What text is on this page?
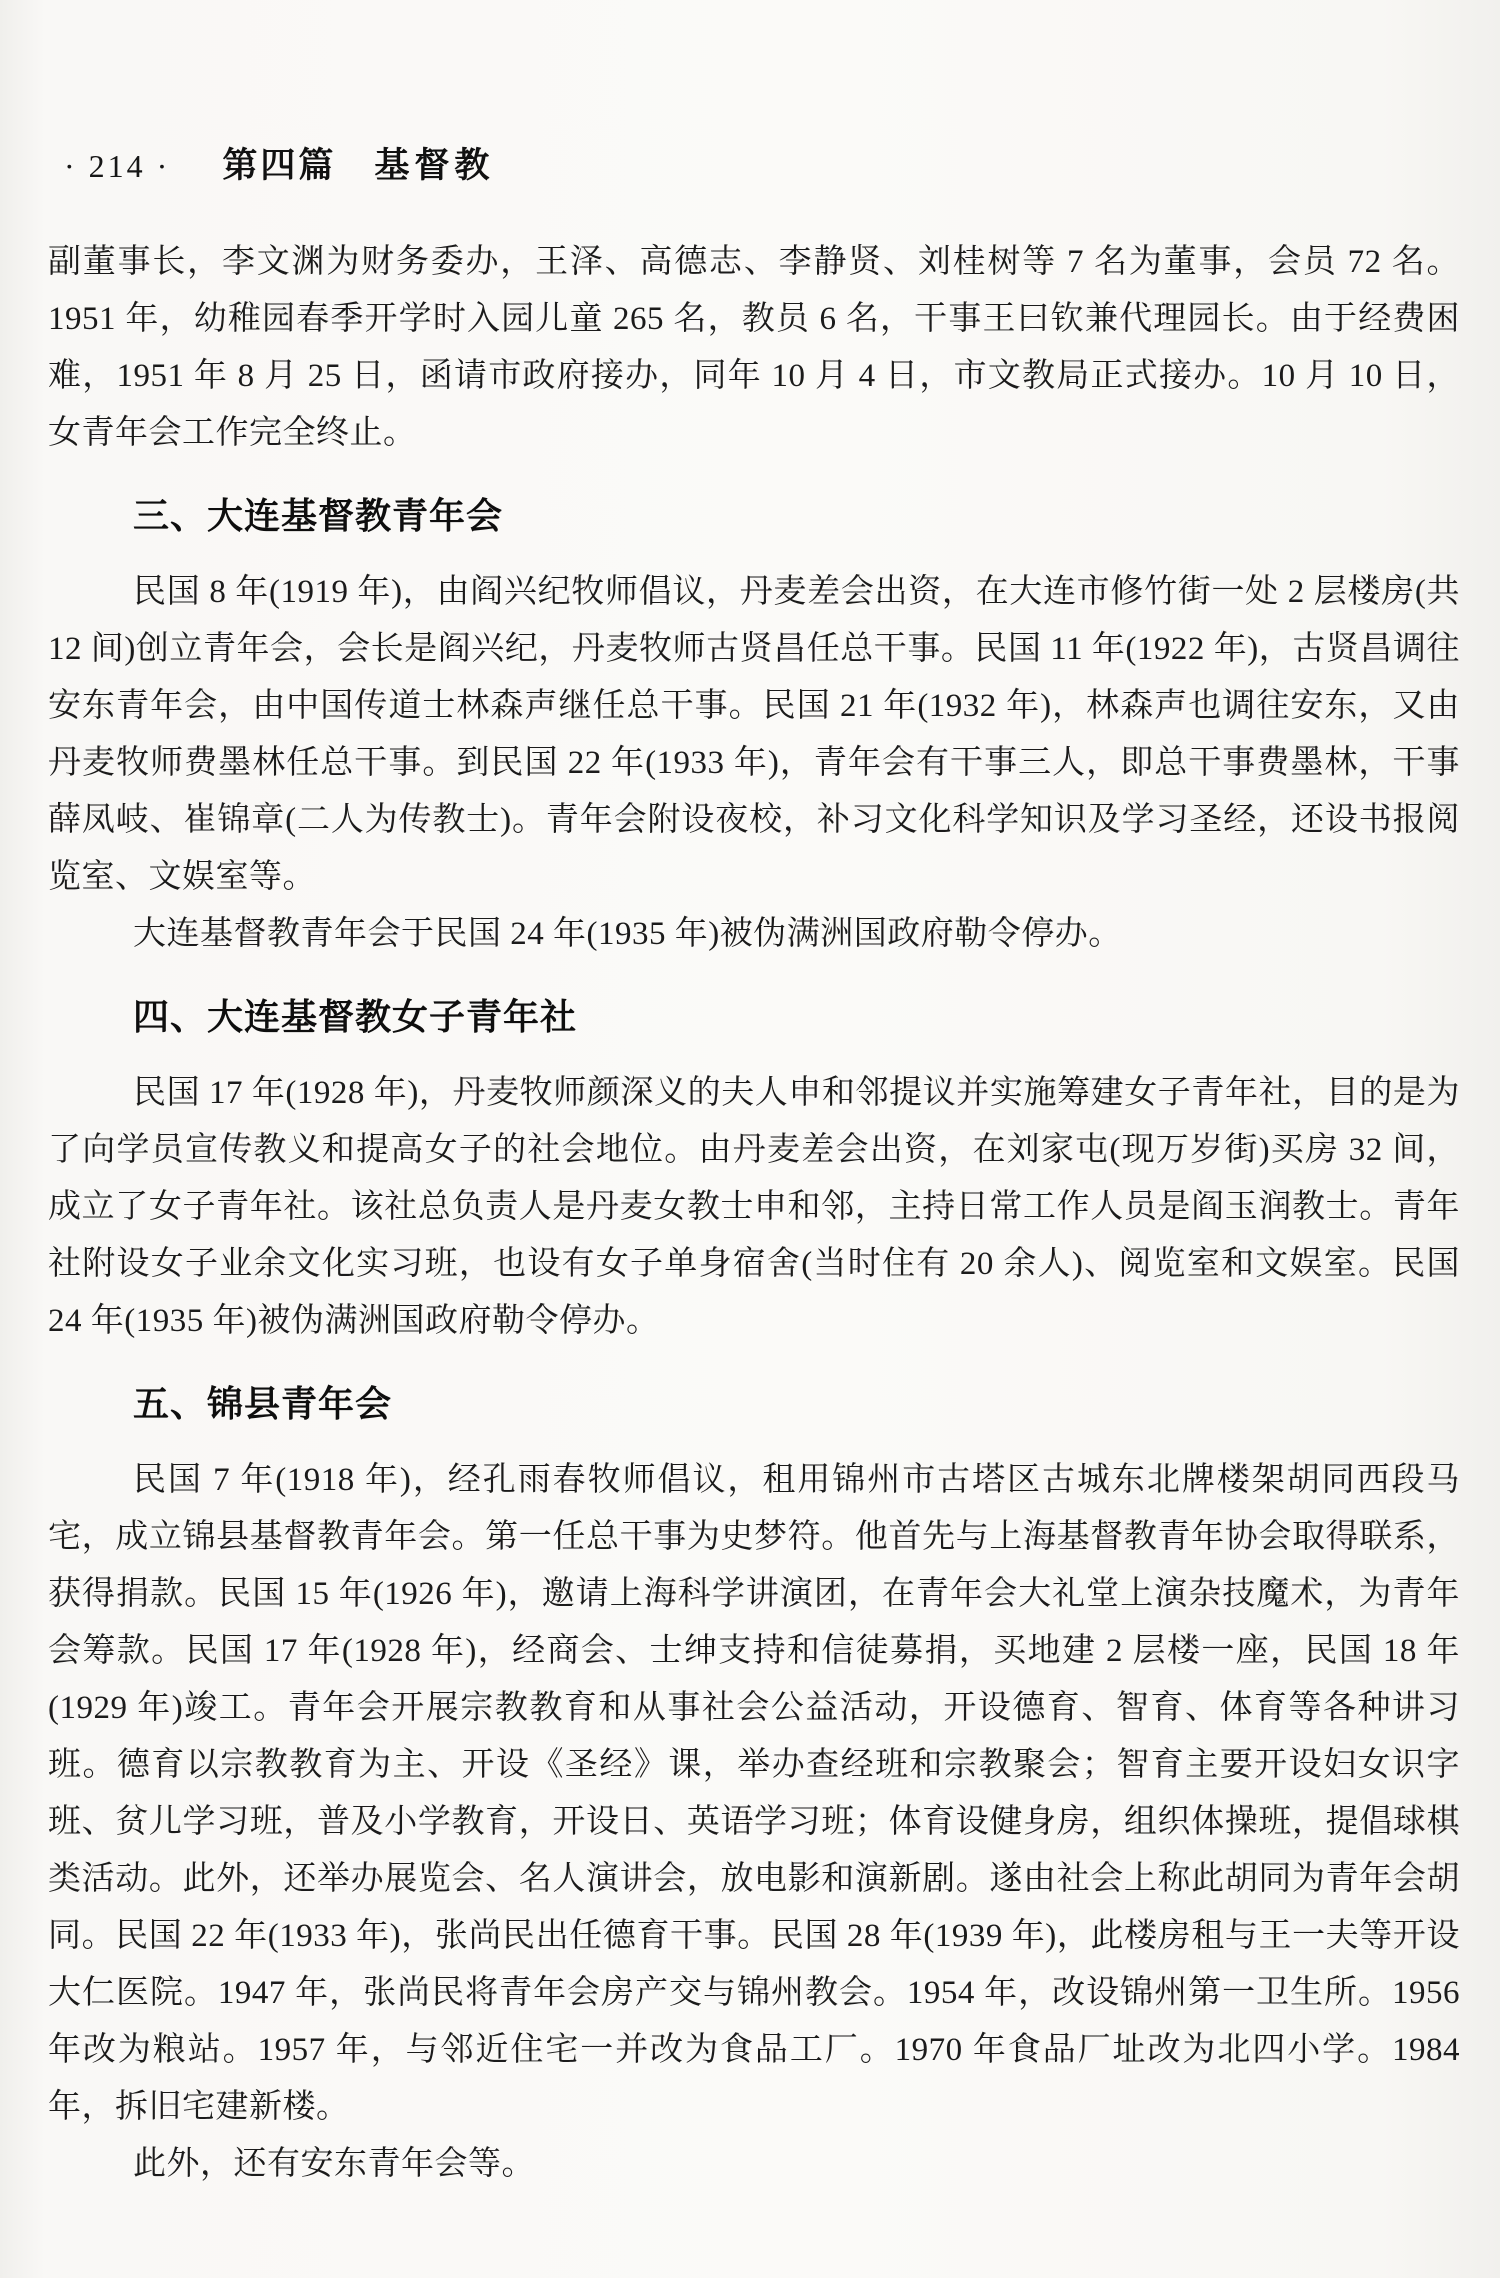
· 214 · 第四篇 基督教

副董事长，李文渊为财务委办，王泽、高德志、李静贤、刘桂树等 7 名为董事，会员 72 名。1951 年，幼稚园春季开学时入园儿童 265 名，教员 6 名，干事王曰钦兼代理园长。由于经费困难，1951 年 8 月 25 日，函请市政府接办，同年 10 月 4 日，市文教局正式接办。10 月 10 日，女青年会工作完全终止。

三、大连基督教青年会

民国 8 年(1919 年)，由阎兴纪牧师倡议，丹麦差会出资，在大连市修竹街一处 2 层楼房(共 12 间)创立青年会，会长是阎兴纪，丹麦牧师古贤昌任总干事。民国 11 年(1922 年)，古贤昌调往安东青年会，由中国传道士林森声继任总干事。民国 21 年(1932 年)，林森声也调往安东，又由丹麦牧师费墨林任总干事。到民国 22 年(1933 年)，青年会有干事三人，即总干事费墨林，干事薛凤岐、崔锦章(二人为传教士)。青年会附设夜校，补习文化科学知识及学习圣经，还设书报阅览室、文娱室等。

大连基督教青年会于民国 24 年(1935 年)被伪满洲国政府勒令停办。

四、大连基督教女子青年社

民国 17 年(1928 年)，丹麦牧师颜深义的夫人申和邻提议并实施筹建女子青年社，目的是为了向学员宣传教义和提高女子的社会地位。由丹麦差会出资，在刘家屯(现万岁街)买房 32 间，成立了女子青年社。该社总负责人是丹麦女教士申和邻，主持日常工作人员是阎玉润教士。青年社附设女子业余文化实习班，也设有女子单身宿舍(当时住有 20 余人)、阅览室和文娱室。民国 24 年(1935 年)被伪满洲国政府勒令停办。

五、锦县青年会

民国 7 年(1918 年)，经孔雨春牧师倡议，租用锦州市古塔区古城东北牌楼架胡同西段马宅，成立锦县基督教青年会。第一任总干事为史梦符。他首先与上海基督教青年协会取得联系，获得捐款。民国 15 年(1926 年)，邀请上海科学讲演团，在青年会大礼堂上演杂技魔术，为青年会筹款。民国 17 年(1928 年)，经商会、士绅支持和信徒募捐，买地建 2 层楼一座，民国 18 年(1929 年)竣工。青年会开展宗教教育和从事社会公益活动，开设德育、智育、体育等各种讲习班。德育以宗教教育为主、开设《圣经》课，举办查经班和宗教聚会；智育主要开设妇女识字班、贫儿学习班，普及小学教育，开设日、英语学习班；体育设健身房，组织体操班，提倡球棋类活动。此外，还举办展览会、名人演讲会，放电影和演新剧。遂由社会上称此胡同为青年会胡同。民国 22 年(1933 年)，张尚民出任德育干事。民国 28 年(1939 年)，此楼房租与王一夫等开设大仁医院。1947 年，张尚民将青年会房产交与锦州教会。1954 年，改设锦州第一卫生所。1956 年改为粮站。1957 年，与邻近住宅一并改为食品工厂。1970 年食品厂址改为北四小学。1984 年，拆旧宅建新楼。

此外，还有安东青年会等。
